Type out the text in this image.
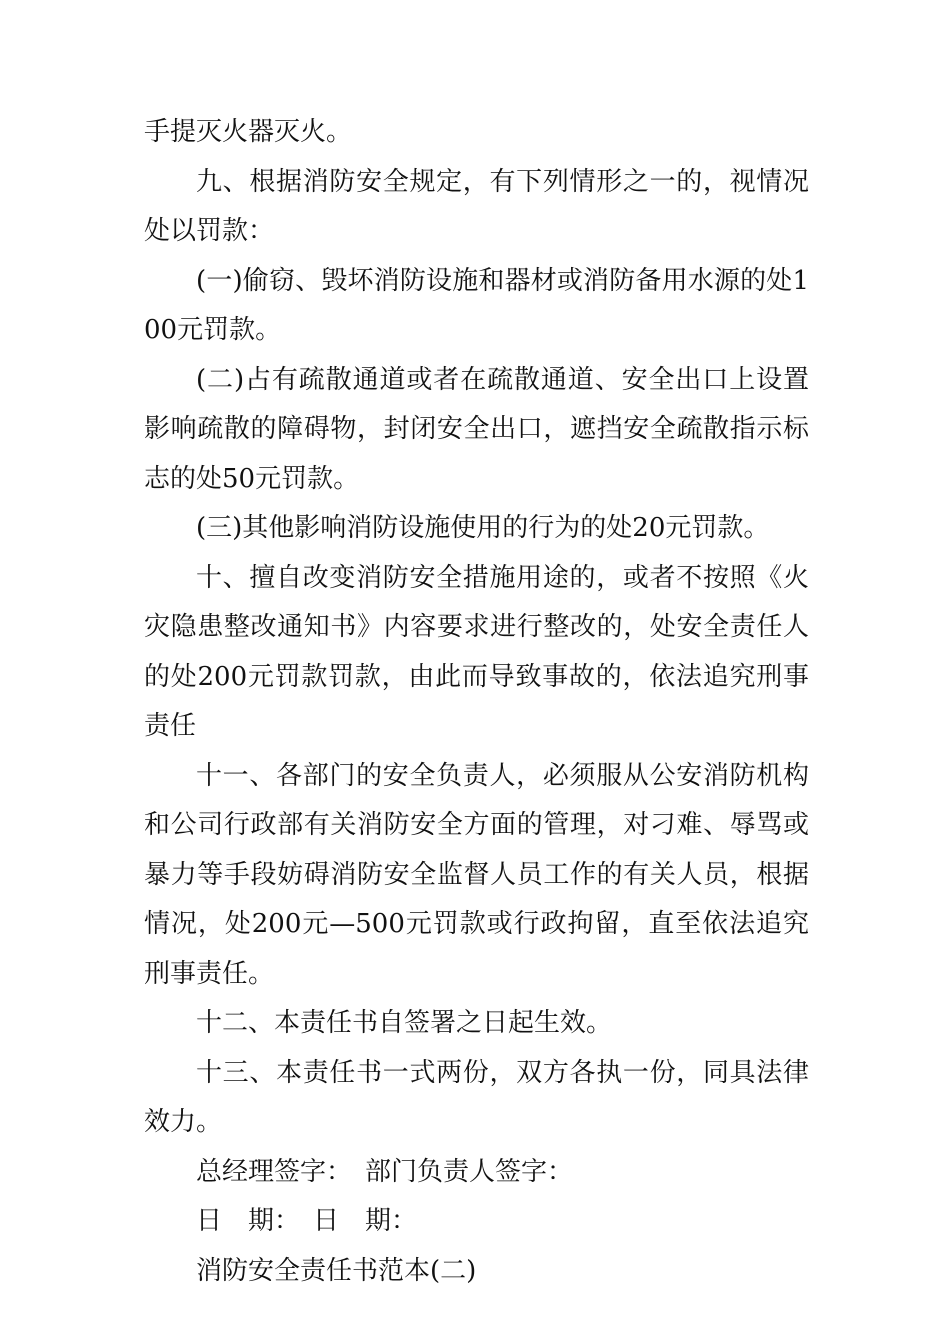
手提灭火器灭火。

九、根据消防安全规定，有下列情形之一的，视情况处以罚款：

(一)偷窃、毁坏消防设施和器材或消防备用水源的处100元罚款。

(二)占有疏散通道或者在疏散通道、安全出口上设置影响疏散的障碍物，封闭安全出口，遮挡安全疏散指示标志的处50元罚款。

(三)其他影响消防设施使用的行为的处20元罚款。

十、擅自改变消防安全措施用途的，或者不按照《火灾隐患整改通知书》内容要求进行整改的，处安全责任人的处200元罚款罚款，由此而导致事故的，依法追究刑事责任

十一、各部门的安全负责人，必须服从公安消防机构和公司行政部有关消防安全方面的管理，对刁难、辱骂或暴力等手段妨碍消防安全监督人员工作的有关人员，根据情况，处200元—500元罚款或行政拘留，直至依法追究刑事责任。

十二、本责任书自签署之日起生效。

十三、本责任书一式两份，双方各执一份，同具法律效力。

总经理签字：　部门负责人签字：

日　期：　日　期：

消防安全责任书范本(二)
